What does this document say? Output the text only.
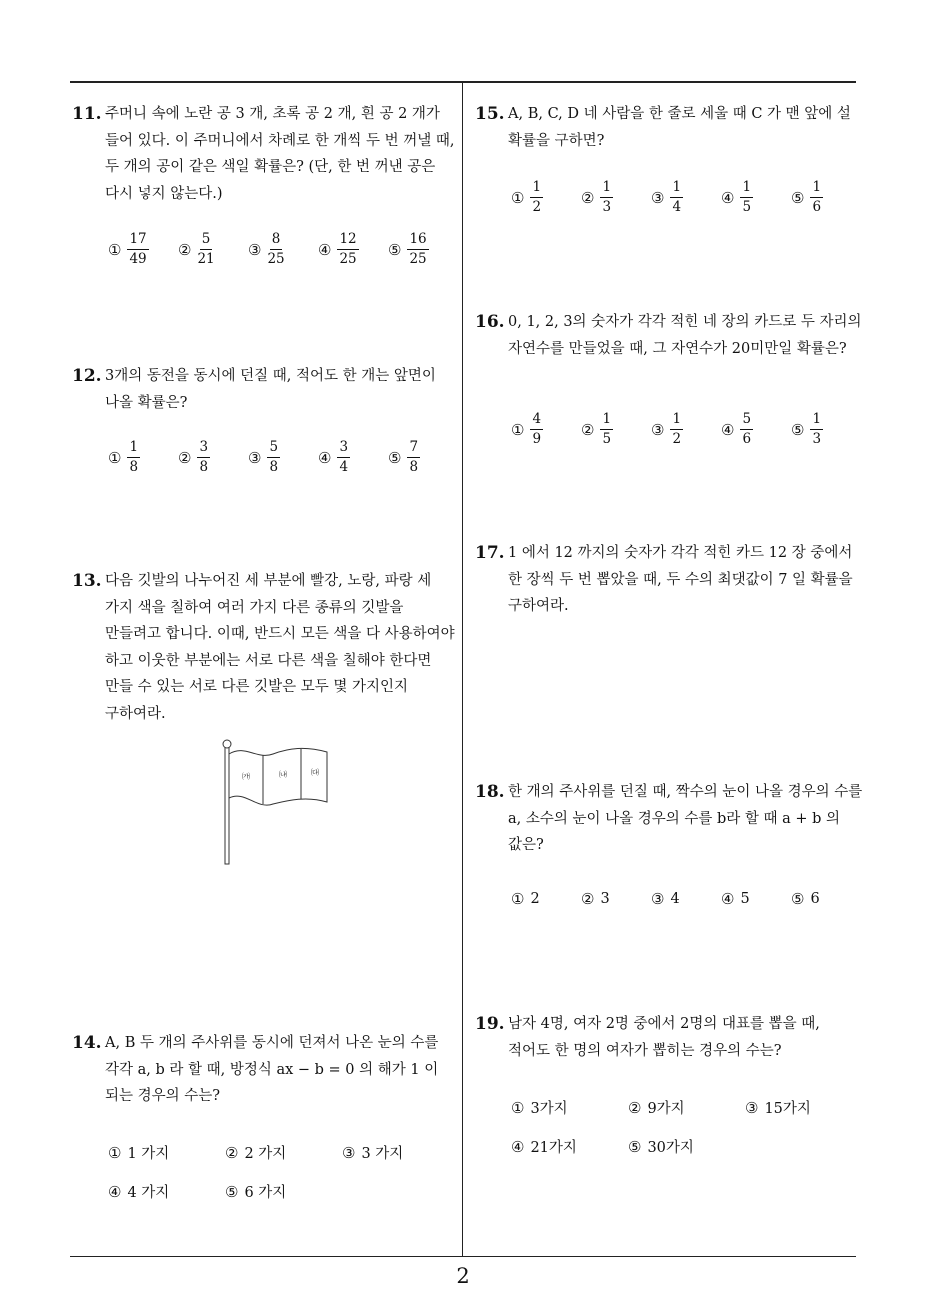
2
11. 주머니 속에 노란 공 3 개, 초록 공 2 개, 흰 공 2 개가 들어 있다. 이 주머니에서 차례로 한 개씩 두 번 꺼낼 때, 두 개의 공이 같은 색일 확률은? (단, 한 번 꺼낸 공은 다시 넣지 않는다.)
① $\frac{17}{49}$ ② $\frac{5}{21}$ ③ $\frac{8}{25}$ ④ $\frac{12}{25}$ ⑤ $\frac{16}{25}$
12. 3개의 동전을 동시에 던질 때, 적어도 한 개는 앞면이 나올 확률은?
① $\frac{1}{8}$	② $\frac{3}{8}$	③ $\frac{5}{8}$	④ $\frac{3}{4}$	⑤ $\frac{7}{8}$
13. 다음 깃발의 나누어진 세 부분에 빨강, 노랑, 파랑 세 가지 색을 칠하여 여러 가지 다른 종류의 깃발을 만들려고 합니다. 이때, 반드시 모든 색을 다 사용하여야 하고 이웃한 부분에는 서로 다른 색을 칠해야 한다면 만들 수 있는 서로 다른 깃발은 모두 몇 가지인지 구하여라.
㈎	㈏	㈐
14. A, B 두 개의 주사위를 동시에 던져서 나온 눈의 수를 각각 a, b 라 할 때, 방정식 ax − b = 0 의 해가 1 이 되는 경우의 수는?
① 1 가지	② 2 가지	③ 3 가지
④ 4 가지	⑤ 6 가지
15. A, B, C, D 네 사람을 한 줄로 세울 때 C 가 맨 앞에 설 확률을 구하면?
① $\frac{1}{2}$	② $\frac{1}{3}$	③ $\frac{1}{4}$	④ $\frac{1}{5}$	⑤ $\frac{1}{6}$
16. 0, 1, 2, 3의 숫자가 각각 적힌 네 장의 카드로 두 자리의 자연수를 만들었을 때, 그 자연수가 20미만일 확률은?
① $\frac{4}{9}$	② $\frac{1}{5}$	③ $\frac{1}{2}$	④ $\frac{5}{6}$	⑤ $\frac{1}{3}$
17. 1 에서 12 까지의 숫자가 각각 적힌 카드 12 장 중에서 한 장씩 두 번 뽑았을 때, 두 수의 최댓값이 7 일 확률을 구하여라.
18. 한 개의 주사위를 던질 때, 짝수의 눈이 나올 경우의 수를 a, 소수의 눈이 나올 경우의 수를 b라 할 때 a + b 의 값은?
① 2	② 3	③ 4	④ 5	⑤ 6
19. 남자 4명, 여자 2명 중에서 2명의 대표를 뽑을 때, 적어도 한 명의 여자가 뽑히는 경우의 수는?
① 3가지	② 9가지	③ 15가지
④ 21가지	⑤ 30가지
